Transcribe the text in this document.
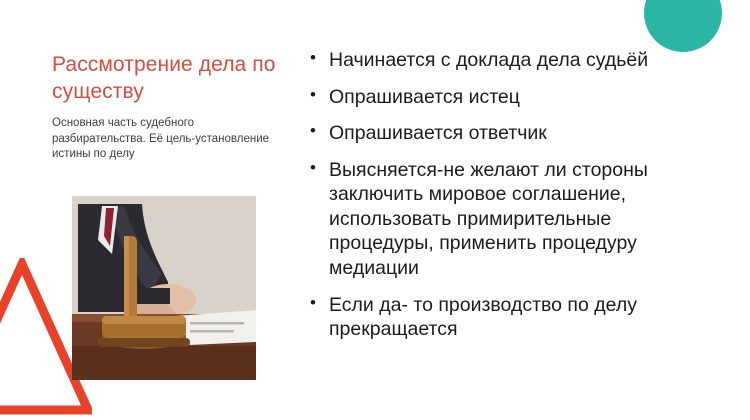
Рассмотрение дела по существу

Основная часть судебного разбирательства. Её цель-установление истины по делу

• Начинается с доклада дела судьёй
• Опрашивается истец
• Опрашивается ответчик
• Выясняется-не желают ли стороны заключить мировое соглашение, использовать примирительные процедуры, применить процедуру медиации
• Если да- то производство по делу прекращается
